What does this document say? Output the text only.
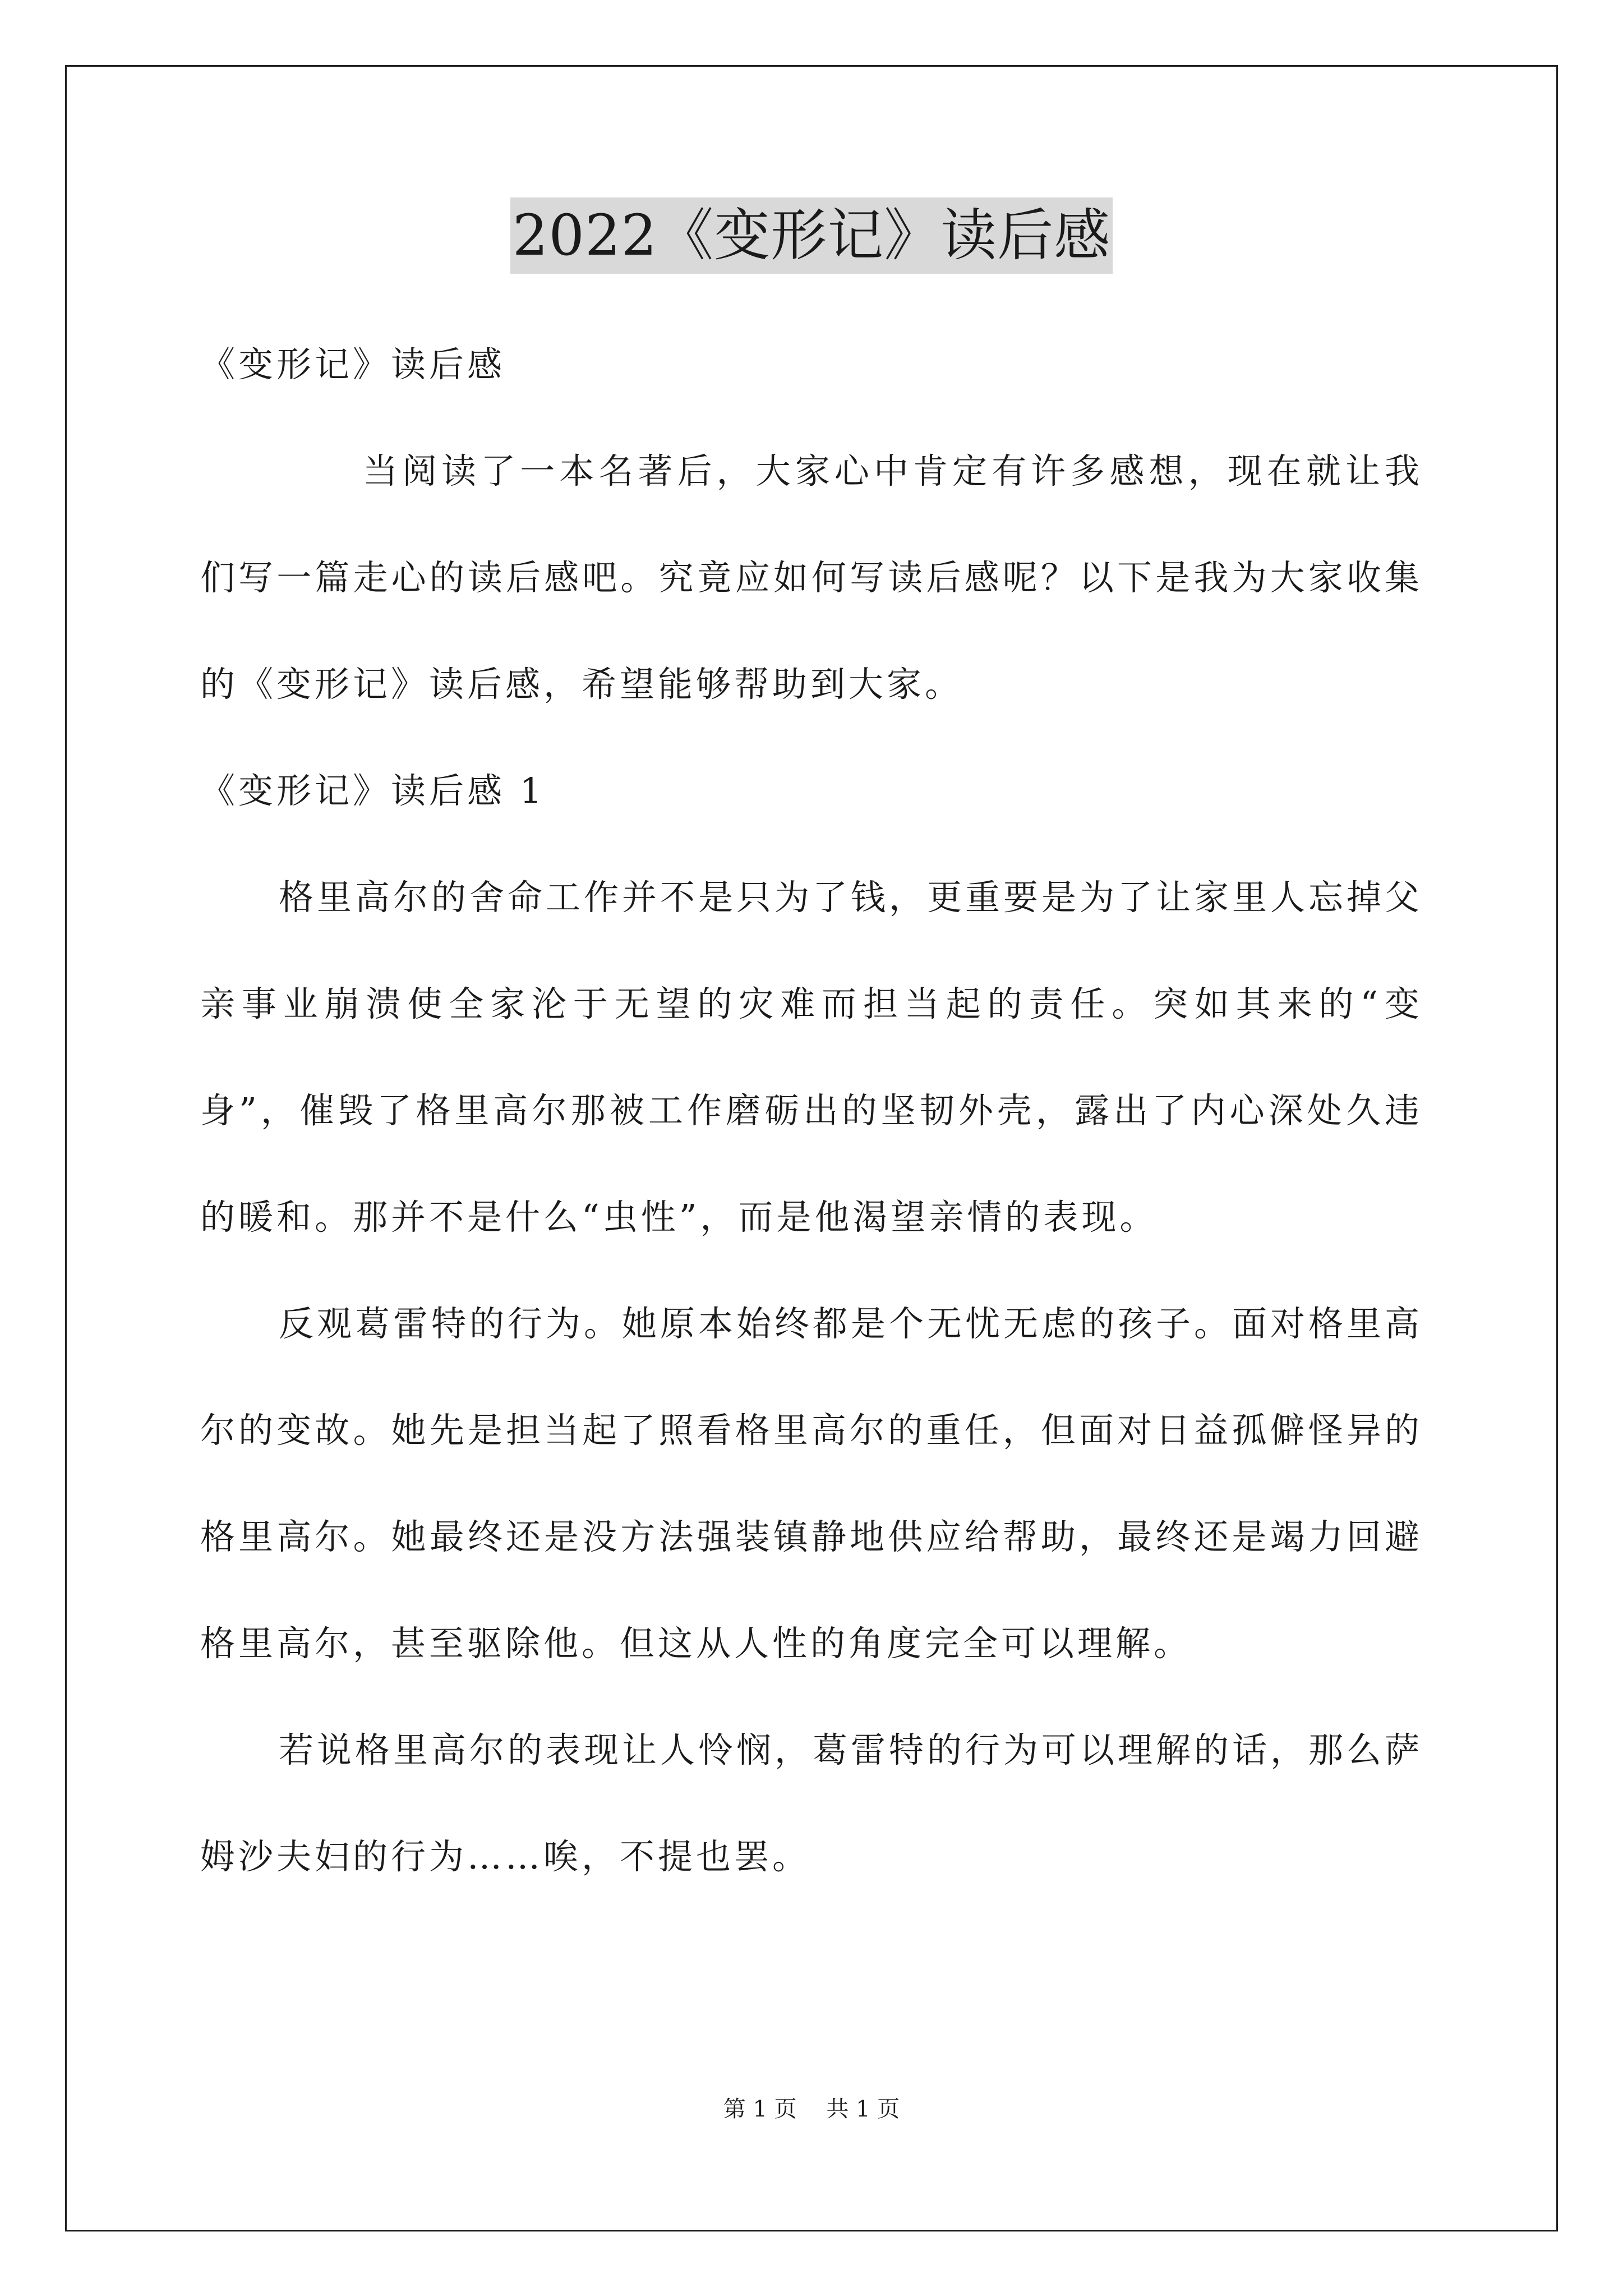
2022《变形记》读后感
《变形记》读后感

当阅读了一本名著后，大家心中肯定有许多感想，现在就让我们写一篇走心的读后感吧。究竟应如何写读后感呢？以下是我为大家收集的《变形记》读后感，希望能够帮助到大家。

《变形记》读后感 1

格里高尔的舍命工作并不是只为了钱，更重要是为了让家里人忘掉父亲事业崩溃使全家沦于无望的灾难而担当起的责任。突如其来的“变身”，催毁了格里高尔那被工作磨砺出的坚韧外壳，露出了内心深处久违的暖和。那并不是什么“虫性”，而是他渴望亲情的表现。

反观葛雷特的行为。她原本始终都是个无忧无虑的孩子。面对格里高尔的变故。她先是担当起了照看格里高尔的重任，但面对日益孤僻怪异的格里高尔。她最终还是没方法强装镇静地供应给帮助，最终还是竭力回避格里高尔，甚至驱除他。但这从人性的角度完全可以理解。

若说格里高尔的表现让人怜悯，葛雷特的行为可以理解的话，那么萨姆沙夫妇的行为……唉，不提也罢。

第 1 页 共 1 页
